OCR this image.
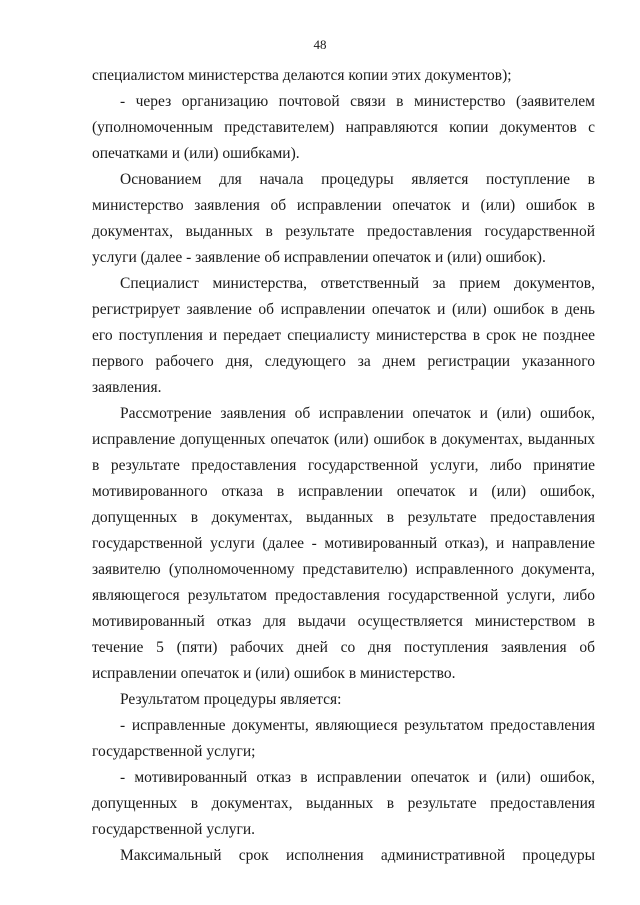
48

специалистом министерства делаются копии этих документов);

- через организацию почтовой связи в министерство (заявителем (уполномоченным представителем) направляются копии документов с опечатками и (или) ошибками).

Основанием для начала процедуры является поступление в министерство заявления об исправлении опечаток и (или) ошибок в документах, выданных в результате предоставления государственной услуги (далее - заявление об исправлении опечаток и (или) ошибок).

Специалист министерства, ответственный за прием документов, регистрирует заявление об исправлении опечаток и (или) ошибок в день его поступления и передает специалисту министерства в срок не позднее первого рабочего дня, следующего за днем регистрации указанного заявления.

Рассмотрение заявления об исправлении опечаток и (или) ошибок, исправление допущенных опечаток (или) ошибок в документах, выданных в результате предоставления государственной услуги, либо принятие мотивированного отказа в исправлении опечаток и (или) ошибок, допущенных в документах, выданных в результате предоставления государственной услуги (далее - мотивированный отказ), и направление заявителю (уполномоченному представителю) исправленного документа, являющегося результатом предоставления государственной услуги, либо мотивированный отказ для выдачи осуществляется министерством в течение 5 (пяти) рабочих дней со дня поступления заявления об исправлении опечаток и (или) ошибок в министерство.

Результатом процедуры является:

- исправленные документы, являющиеся результатом предоставления государственной услуги;

- мотивированный отказ в исправлении опечаток и (или) ошибок, допущенных в документах, выданных в результате предоставления государственной услуги.

Максимальный срок исполнения административной процедуры
